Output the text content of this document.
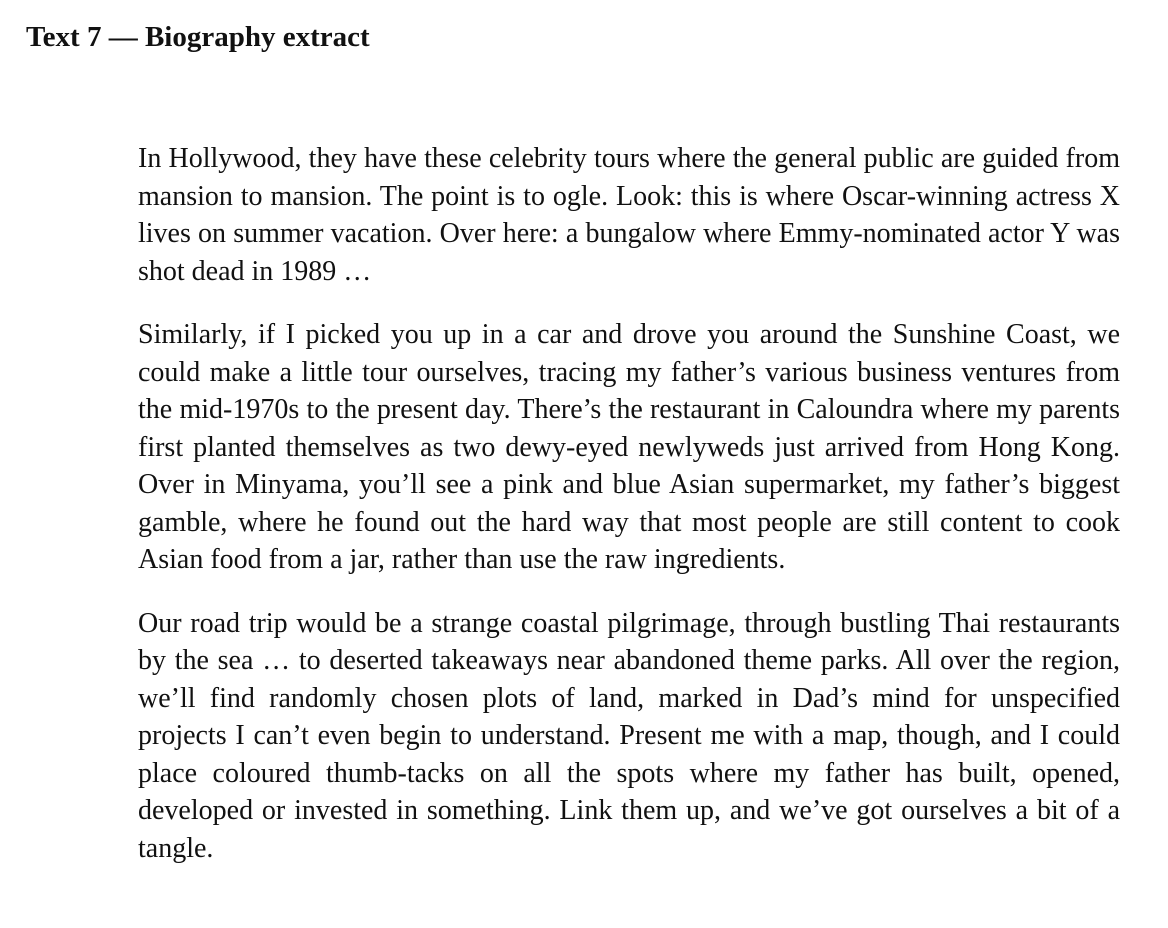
Text 7 — Biography extract

In Hollywood, they have these celebrity tours where the general public are guided from mansion to mansion. The point is to ogle. Look: this is where Oscar-winning actress X lives on summer vacation. Over here: a bungalow where Emmy-nominated actor Y was shot dead in 1989 …

Similarly, if I picked you up in a car and drove you around the Sunshine Coast, we could make a little tour ourselves, tracing my father’s various business ventures from the mid-1970s to the present day. There’s the restaurant in Caloundra where my parents first planted themselves as two dewy-eyed newlyweds just arrived from Hong Kong. Over in Minyama, you’ll see a pink and blue Asian supermarket, my father’s biggest gamble, where he found out the hard way that most people are still content to cook Asian food from a jar, rather than use the raw ingredients.

Our road trip would be a strange coastal pilgrimage, through bustling Thai restaurants by the sea … to deserted takeaways near abandoned theme parks. All over the region, we’ll find randomly chosen plots of land, marked in Dad’s mind for unspecified projects I can’t even begin to understand. Present me with a map, though, and I could place coloured thumb-tacks on all the spots where my father has built, opened, developed or invested in something. Link them up, and we’ve got ourselves a bit of a tangle.
